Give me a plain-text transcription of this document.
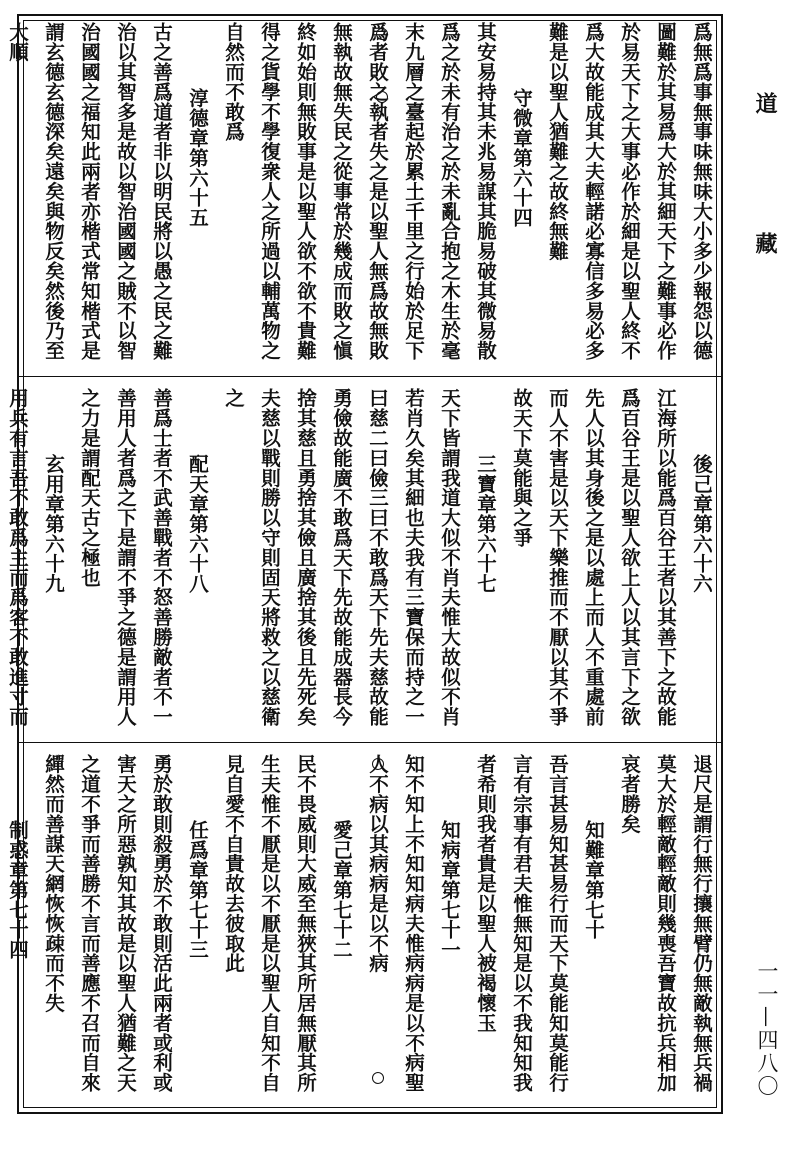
爲無爲事無事味無味大小多少報怨以德
圖難於其易爲大於其細天下之難事必作
於易天下之大事必作於細是以聖人終不
爲大故能成其大夫輕諾必寡信多易必多
難是以聖人猶難之故終無難
守微章第六十四
其安易持其未兆易謀其脆易破其微易散
爲之於未有治之於未亂合抱之木生於毫
末九層之臺起於累土千里之行始於足下
爲者敗之執者失之是以聖人無爲故無敗
無執故無失民之從事常於幾成而敗之愼
終如始則無敗事是以聖人欲不欲不貴難
得之貨學不學復衆人之所過以輔萬物之
自然而不敢爲
淳德章第六十五
古之善爲道者非以明民將以愚之民之難
治以其智多是故以智治國國之賊不以智
治國國之福知此兩者亦楷式常知楷式是
謂玄德玄德深矣遠矣與物反矣然後乃至
大順
後己章第六十六
江海所以能爲百谷王者以其善下之故能
爲百谷王是以聖人欲上人以其言下之欲
先人以其身後之是以處上而人不重處前
而人不害是以天下樂推而不厭以其不爭
故天下莫能與之爭
三寶章第六十七
天下皆謂我道大似不肖夫惟大故似不肖
若肖久矣其細也夫我有三寶保而持之一
曰慈二曰儉三曰不敢爲天下先夫慈故能
勇儉故能廣不敢爲天下先故能成器長今
捨其慈且勇捨其儉且廣捨其後且先死矣
夫慈以戰則勝以守則固天將救之以慈衛
之
配天章第六十八
善爲士者不武善戰者不怒善勝敵者不一
善用人者爲之下是謂不爭之德是謂用人
之力是謂配天古之極也
玄用章第六十九
用兵有言吾不敢爲主而爲客不敢進寸而
退尺是謂行無行攘無臂仍無敵執無兵禍
莫大於輕敵輕敵則幾喪吾寶故抗兵相加
哀者勝矣
知難章第七十
吾言甚易知甚易行而天下莫能知莫能行
言有宗事有君夫惟無知是以不我知知我
者希則我者貴是以聖人被褐懷玉
知病章第七十一
知不知上不知知病夫惟病病是以不病聖
人不病以其病病是以不病
愛己章第七十二
民不畏威則大威至無狹其所居無厭其所
生夫惟不厭是以不厭是以聖人自知不自
見自愛不自貴故去彼取此
任爲章第七十三
勇於敢則殺勇於不敢則活此兩者或利或
害天之所惡孰知其故是以聖人猶難之天
之道不爭而善勝不言而善應不召而自來
繟然而善謀天網恢恢疎而不失
制惑章第七十四
道　藏
一一—四八〇
